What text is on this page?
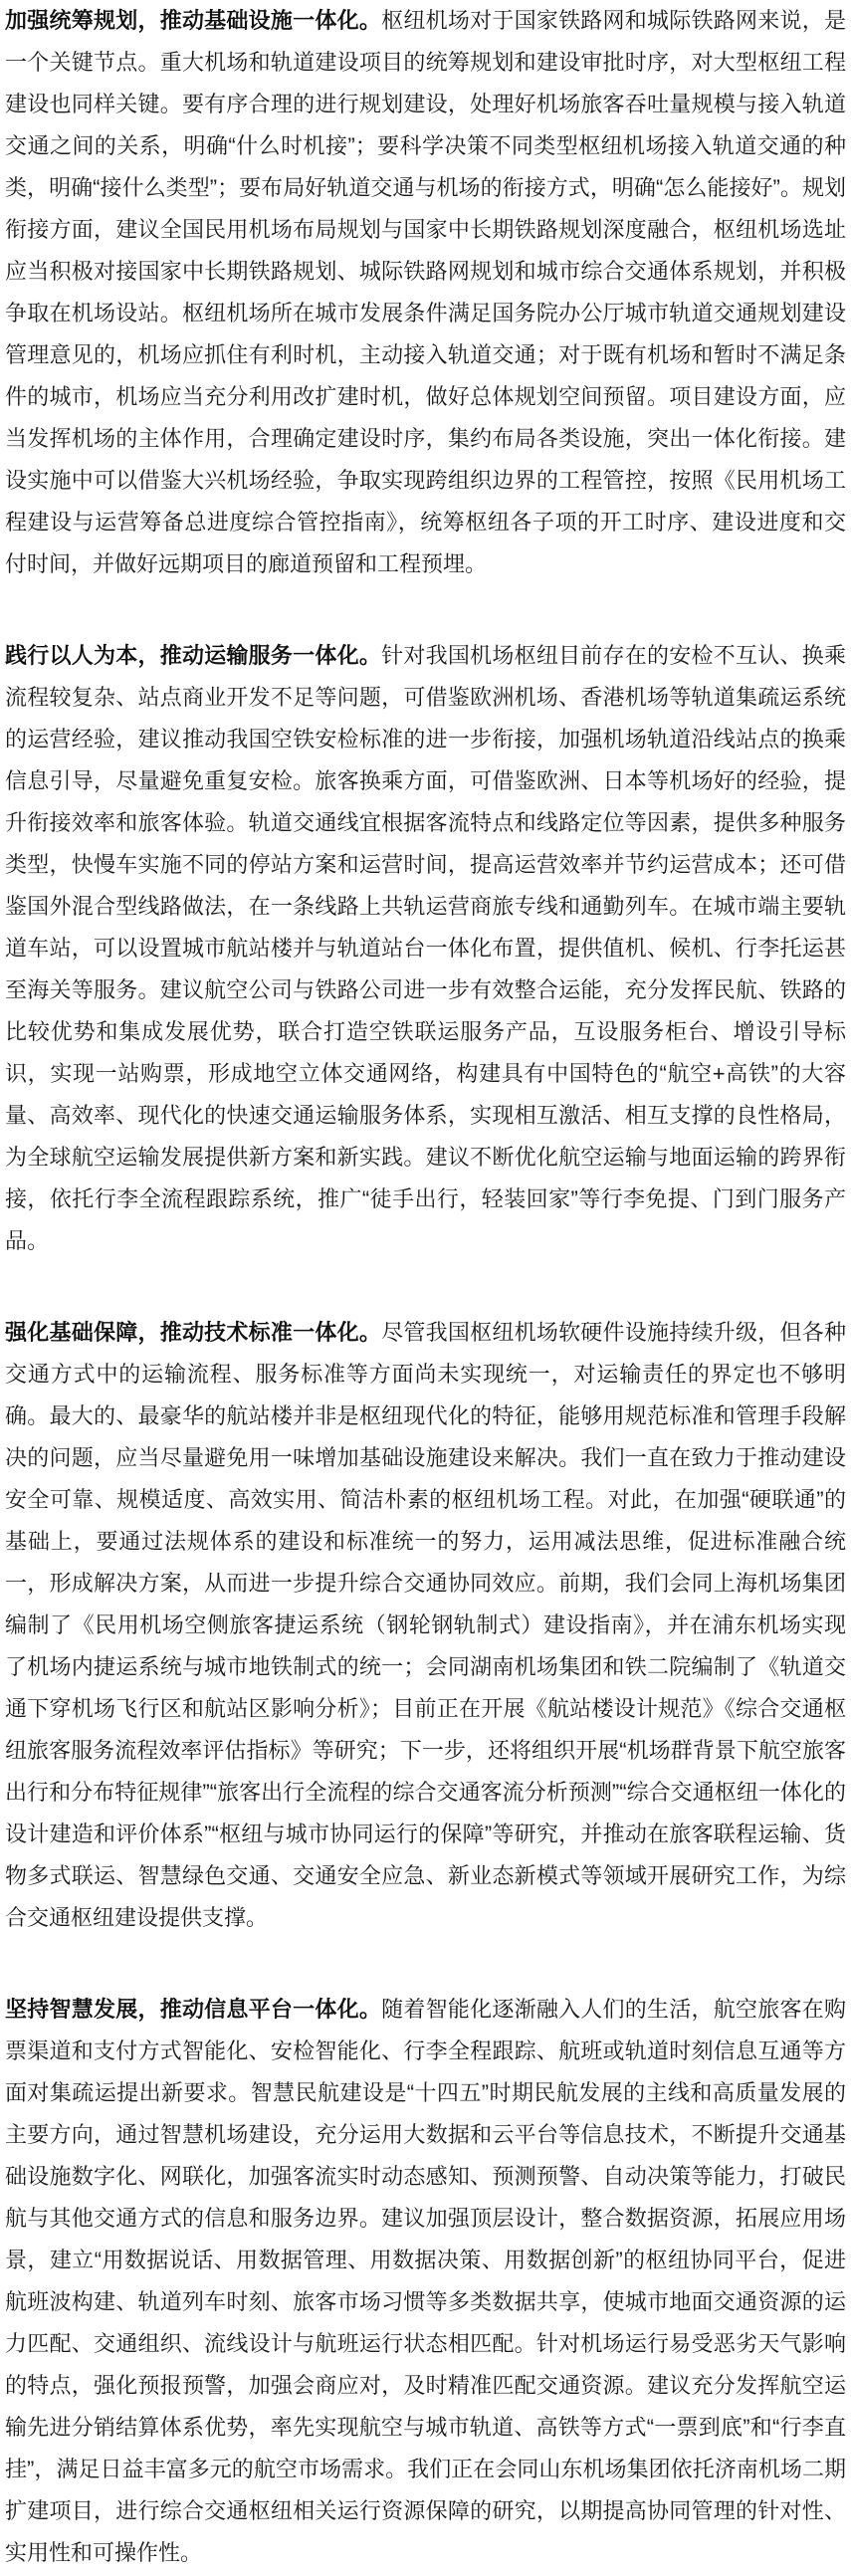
加强统筹规划，推动基础设施一体化。枢纽机场对于国家铁路网和城际铁路网来说，是一个关键节点。重大机场和轨道建设项目的统筹规划和建设审批时序，对大型枢纽工程建设也同样关键。要有序合理的进行规划建设，处理好机场旅客吞吐量规模与接入轨道交通之间的关系，明确“什么时机接”；要科学决策不同类型枢纽机场接入轨道交通的种类，明确“接什么类型”；要布局好轨道交通与机场的衔接方式，明确“怎么能接好”。规划衔接方面，建议全国民用机场布局规划与国家中长期铁路规划深度融合，枢纽机场选址应当积极对接国家中长期铁路规划、城际铁路网规划和城市综合交通体系规划，并积极争取在机场设站。枢纽机场所在城市发展条件满足国务院办公厅城市轨道交通规划建设管理意见的，机场应抓住有利时机，主动接入轨道交通；对于既有机场和暂时不满足条件的城市，机场应当充分利用改扩建时机，做好总体规划空间预留。项目建设方面，应当发挥机场的主体作用，合理确定建设时序，集约布局各类设施，突出一体化衔接。建设实施中可以借鉴大兴机场经验，争取实现跨组织边界的工程管控，按照《民用机场工程建设与运营筹备总进度综合管控指南》，统筹枢纽各子项的开工时序、建设进度和交付时间，并做好远期项目的廊道预留和工程预埋。

践行以人为本，推动运输服务一体化。针对我国机场枢纽目前存在的安检不互认、换乘流程较复杂、站点商业开发不足等问题，可借鉴欧洲机场、香港机场等轨道集疏运系统的运营经验，建议推动我国空铁安检标准的进一步衔接，加强机场轨道沿线站点的换乘信息引导，尽量避免重复安检。旅客换乘方面，可借鉴欧洲、日本等机场好的经验，提升衔接效率和旅客体验。轨道交通线宜根据客流特点和线路定位等因素，提供多种服务类型，快慢车实施不同的停站方案和运营时间，提高运营效率并节约运营成本；还可借鉴国外混合型线路做法，在一条线路上共轨运营商旅专线和通勤列车。在城市端主要轨道车站，可以设置城市航站楼并与轨道站台一体化布置，提供值机、候机、行李托运甚至海关等服务。建议航空公司与铁路公司进一步有效整合运能，充分发挥民航、铁路的比较优势和集成发展优势，联合打造空铁联运服务产品，互设服务柜台、增设引导标识，实现一站购票，形成地空立体交通网络，构建具有中国特色的“航空+高铁”的大容量、高效率、现代化的快速交通运输服务体系，实现相互激活、相互支撑的良性格局，为全球航空运输发展提供新方案和新实践。建议不断优化航空运输与地面运输的跨界衔接，依托行李全流程跟踪系统，推广“徒手出行，轻装回家”等行李免提、门到门服务产品。

强化基础保障，推动技术标准一体化。尽管我国枢纽机场软硬件设施持续升级，但各种交通方式中的运输流程、服务标准等方面尚未实现统一，对运输责任的界定也不够明确。最大的、最豪华的航站楼并非是枢纽现代化的特征，能够用规范标准和管理手段解决的问题，应当尽量避免用一味增加基础设施建设来解决。我们一直在致力于推动建设安全可靠、规模适度、高效实用、简洁朴素的枢纽机场工程。对此，在加强“硬联通”的基础上，要通过法规体系的建设和标准统一的努力，运用减法思维，促进标准融合统一，形成解决方案，从而进一步提升综合交通协同效应。前期，我们会同上海机场集团编制了《民用机场空侧旅客捷运系统（钢轮钢轨制式）建设指南》，并在浦东机场实现了机场内捷运系统与城市地铁制式的统一；会同湖南机场集团和铁二院编制了《轨道交通下穿机场飞行区和航站区影响分析》；目前正在开展《航站楼设计规范》《综合交通枢纽旅客服务流程效率评估指标》等研究；下一步，还将组织开展“机场群背景下航空旅客出行和分布特征规律”“旅客出行全流程的综合交通客流分析预测”“综合交通枢纽一体化的设计建造和评价体系”“枢纽与城市协同运行的保障”等研究，并推动在旅客联程运输、货物多式联运、智慧绿色交通、交通安全应急、新业态新模式等领域开展研究工作，为综合交通枢纽建设提供支撑。

坚持智慧发展，推动信息平台一体化。随着智能化逐渐融入人们的生活，航空旅客在购票渠道和支付方式智能化、安检智能化、行李全程跟踪、航班或轨道时刻信息互通等方面对集疏运提出新要求。智慧民航建设是“十四五”时期民航发展的主线和高质量发展的主要方向，通过智慧机场建设，充分运用大数据和云平台等信息技术，不断提升交通基础设施数字化、网联化，加强客流实时动态感知、预测预警、自动决策等能力，打破民航与其他交通方式的信息和服务边界。建议加强顶层设计，整合数据资源，拓展应用场景，建立“用数据说话、用数据管理、用数据决策、用数据创新”的枢纽协同平台，促进航班波构建、轨道列车时刻、旅客市场习惯等多类数据共享，使城市地面交通资源的运力匹配、交通组织、流线设计与航班运行状态相匹配。针对机场运行易受恶劣天气影响的特点，强化预报预警，加强会商应对，及时精准匹配交通资源。建议充分发挥航空运输先进分销结算体系优势，率先实现航空与城市轨道、高铁等方式“一票到底”和“行李直挂”，满足日益丰富多元的航空市场需求。我们正在会同山东机场集团依托济南机场二期扩建项目，进行综合交通枢纽相关运行资源保障的研究，以期提高协同管理的针对性、实用性和可操作性。
